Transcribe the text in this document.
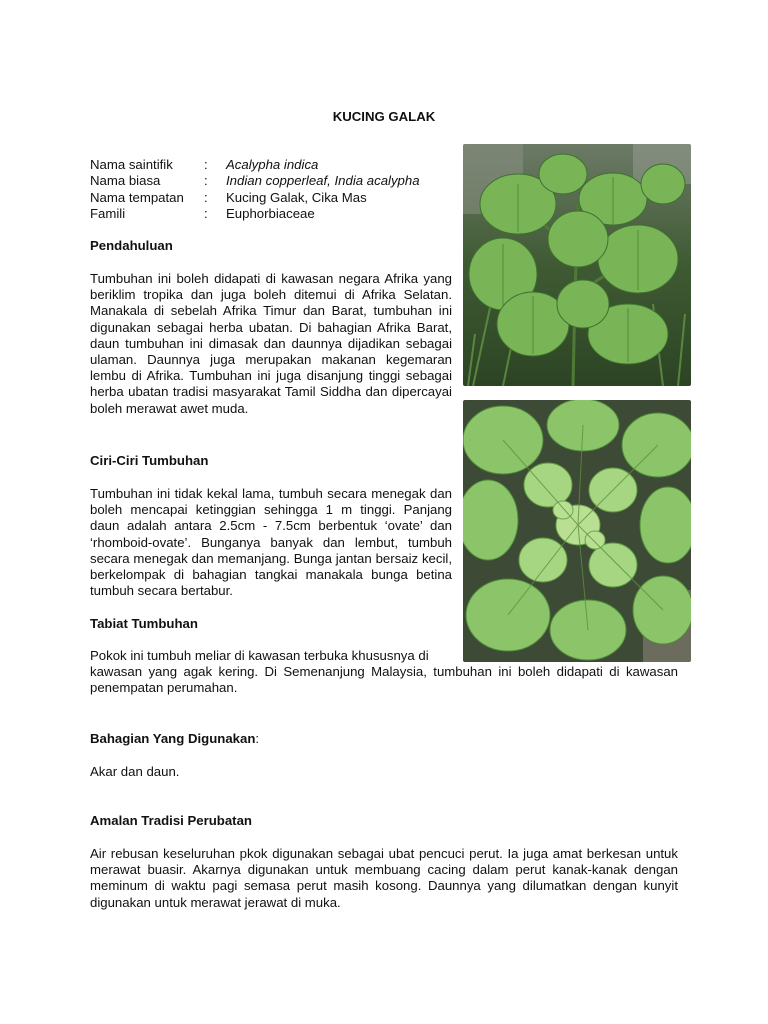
KUCING GALAK
Nama saintifik	:	Acalypha indica
Nama biasa	:	Indian copperleaf, India acalypha
Nama tempatan	:	Kucing Galak, Cika Mas
Famili	:	Euphorbiaceae
Pendahuluan

Tumbuhan ini boleh didapati di kawasan negara Afrika yang beriklim tropika dan juga boleh ditemui di Afrika Selatan. Manakala di sebelah Afrika Timur dan Barat, tumbuhan ini digunakan sebagai herba ubatan. Di bahagian Afrika Barat, daun tumbuhan ini dimasak dan daunnya dijadikan sebagai ulaman. Daunnya juga merupakan makanan kegemaran lembu di Afrika. Tumbuhan ini juga disanjung tinggi sebagai herba ubatan tradisi masyarakat Tamil Siddha dan dipercayai boleh merawat awet muda.

Ciri-Ciri Tumbuhan

Tumbuhan ini tidak kekal lama, tumbuh secara menegak dan boleh mencapai ketinggian sehingga 1 m tinggi. Panjang daun adalah antara 2.5cm - 7.5cm berbentuk ‘ovate’ dan ‘rhomboid-ovate’. Bunganya banyak dan lembut, tumbuh secara menegak dan memanjang. Bunga jantan bersaiz kecil, berkelompak di bahagian tangkai manakala bunga betina tumbuh secara bertabur.

Tabiat Tumbuhan

Pokok ini tumbuh meliar di kawasan terbuka khususnya di

kawasan yang agak kering. Di Semenanjung Malaysia, tumbuhan ini boleh didapati di kawasan penempatan perumahan.

Bahagian Yang Digunakan:

Akar dan daun.

Amalan Tradisi Perubatan

Air rebusan keseluruhan pkok digunakan sebagai ubat pencuci perut. Ia juga amat berkesan untuk merawat buasir. Akarnya digunakan untuk membuang cacing dalam perut kanak-kanak dengan meminum di waktu pagi semasa perut masih kosong. Daunnya yang dilumatkan dengan kunyit digunakan untuk merawat jerawat di muka.
